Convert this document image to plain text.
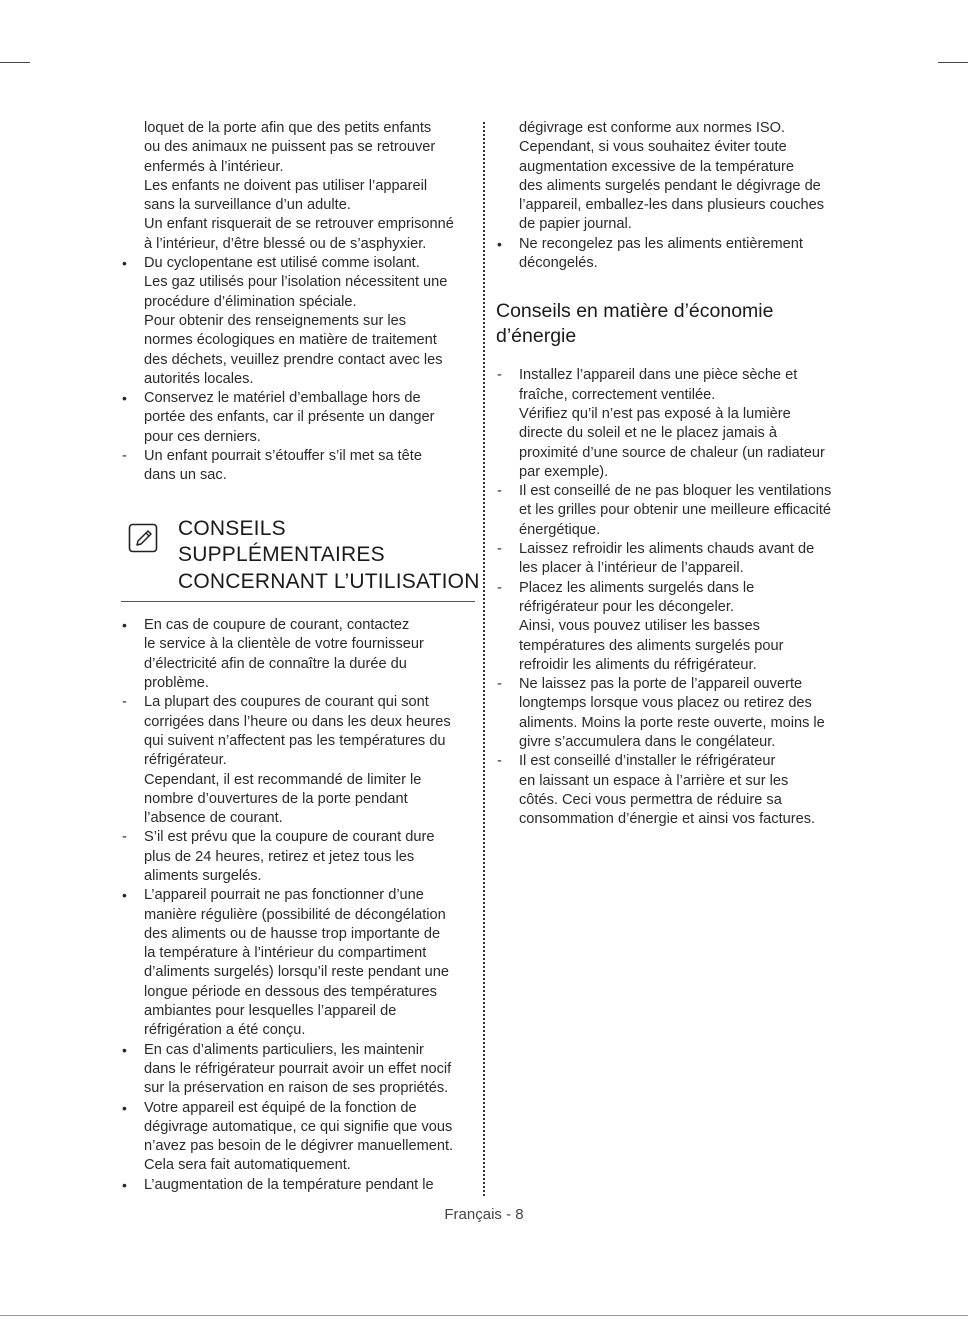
loquet de la porte afin que des petits enfants
ou des animaux ne puissent pas se retrouver
enfermés à l’intérieur.
Les enfants ne doivent pas utiliser l’appareil
sans la surveillance d’un adulte.
Un enfant risquerait de se retrouver emprisonné
à l’intérieur, d’être blessé ou de s’asphyxier.
•
Du cyclopentane est utilisé comme isolant.
Les gaz utilisés pour l’isolation nécessitent une
procédure d’élimination spéciale.
Pour obtenir des renseignements sur les
normes écologiques en matière de traitement
des déchets, veuillez prendre contact avec les
autorités locales.
•
Conservez le matériel d’emballage hors de
portée des enfants, car il présente un danger
pour ces derniers.
-
Un enfant pourrait s’étouffer s’il met sa tête
dans un sac.
CONSEILS
SUPPLÉMENTAIRES
CONCERNANT L’UTILISATION
•
En cas de coupure de courant, contactez
le service à la clientèle de votre fournisseur
d’électricité afin de connaître la durée du
problème.
-
La plupart des coupures de courant qui sont
corrigées dans l’heure ou dans les deux heures
qui suivent n’affectent pas les températures du
réfrigérateur.
Cependant, il est recommandé de limiter le
nombre d’ouvertures de la porte pendant
l’absence de courant.
-
S’il est prévu que la coupure de courant dure
plus de 24 heures, retirez et jetez tous les
aliments surgelés.
•
L’appareil pourrait ne pas fonctionner d’une
manière régulière (possibilité de décongélation
des aliments ou de hausse trop importante de
la température à l’intérieur du compartiment
d’aliments surgelés) lorsqu’il reste pendant une
longue période en dessous des températures
ambiantes pour lesquelles l’appareil de
réfrigération a été conçu.
•
En cas d’aliments particuliers, les maintenir
dans le réfrigérateur pourrait avoir un effet nocif
sur la préservation en raison de ses propriétés.
•
Votre appareil est équipé de la fonction de
dégivrage automatique, ce qui signifie que vous
n’avez pas besoin de le dégivrer manuellement.
Cela sera fait automatiquement.
•
L’augmentation de la température pendant le
dégivrage est conforme aux normes ISO.
Cependant, si vous souhaitez éviter toute
augmentation excessive de la température
des aliments surgelés pendant le dégivrage de
l’appareil, emballez-les dans plusieurs couches
de papier journal.
•
Ne recongelez pas les aliments entièrement
décongelés.
Conseils en matière d’économie
d’énergie
-
Installez l’appareil dans une pièce sèche et
fraîche, correctement ventilée.
Vérifiez qu’il n’est pas exposé à la lumière
directe du soleil et ne le placez jamais à
proximité d’une source de chaleur (un radiateur
par exemple).
-
Il est conseillé de ne pas bloquer les ventilations
et les grilles pour obtenir une meilleure efficacité
énergétique.
-
Laissez refroidir les aliments chauds avant de
les placer à l’intérieur de l’appareil.
-
Placez les aliments surgelés dans le
réfrigérateur pour les décongeler.
Ainsi, vous pouvez utiliser les basses
températures des aliments surgelés pour
refroidir les aliments du réfrigérateur.
-
Ne laissez pas la porte de l’appareil ouverte
longtemps lorsque vous placez ou retirez des
aliments. Moins la porte reste ouverte, moins le
givre s’accumulera dans le congélateur.
-
Il est conseillé d’installer le réfrigérateur
en laissant un espace à l’arrière et sur les
côtés. Ceci vous permettra de réduire sa
consommation d’énergie et ainsi vos factures.
Français - 8
